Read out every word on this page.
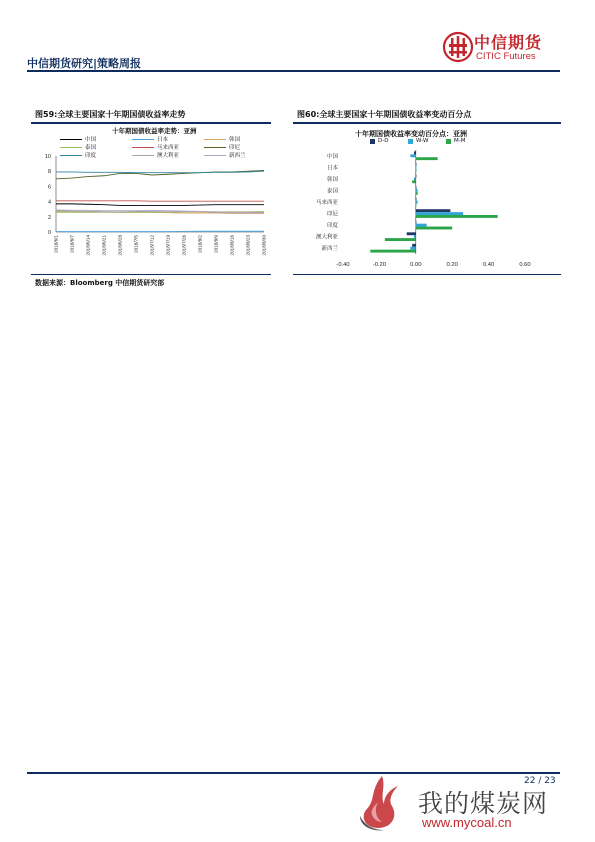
中信期货研究|策略周报
中信期货
CITIC Futures
图59:全球主要国家十年期国债收益率走势
十年期国债收益率走势：亚洲
中国	日本	韩国
泰国	马来西亚	印尼
印度	澳大利亚	新西兰
0
2
4
6
8
10
2018/6/1 2018/6/7 2018/6/14 2018/6/21 2018/6/28 2018/7/5 2018/7/12 2018/7/19 2018/7/26 2018/8/2 2018/8/9 2018/8/16 2018/8/23 2018/8/30
图60:全球主要国家十年期国债收益率变动百分点
十年期国债收益率变动百分点：亚洲
D-D	W-W	M-M
中国
日本
韩国
泰国
马来西亚
印尼
印度
澳大利亚
新西兰
-0.40	-0.20	0.00	0.20	0.40	0.60
数据来源：Bloomberg 中信期货研究部
22 / 23
我的煤炭网
www.mycoal.cn
